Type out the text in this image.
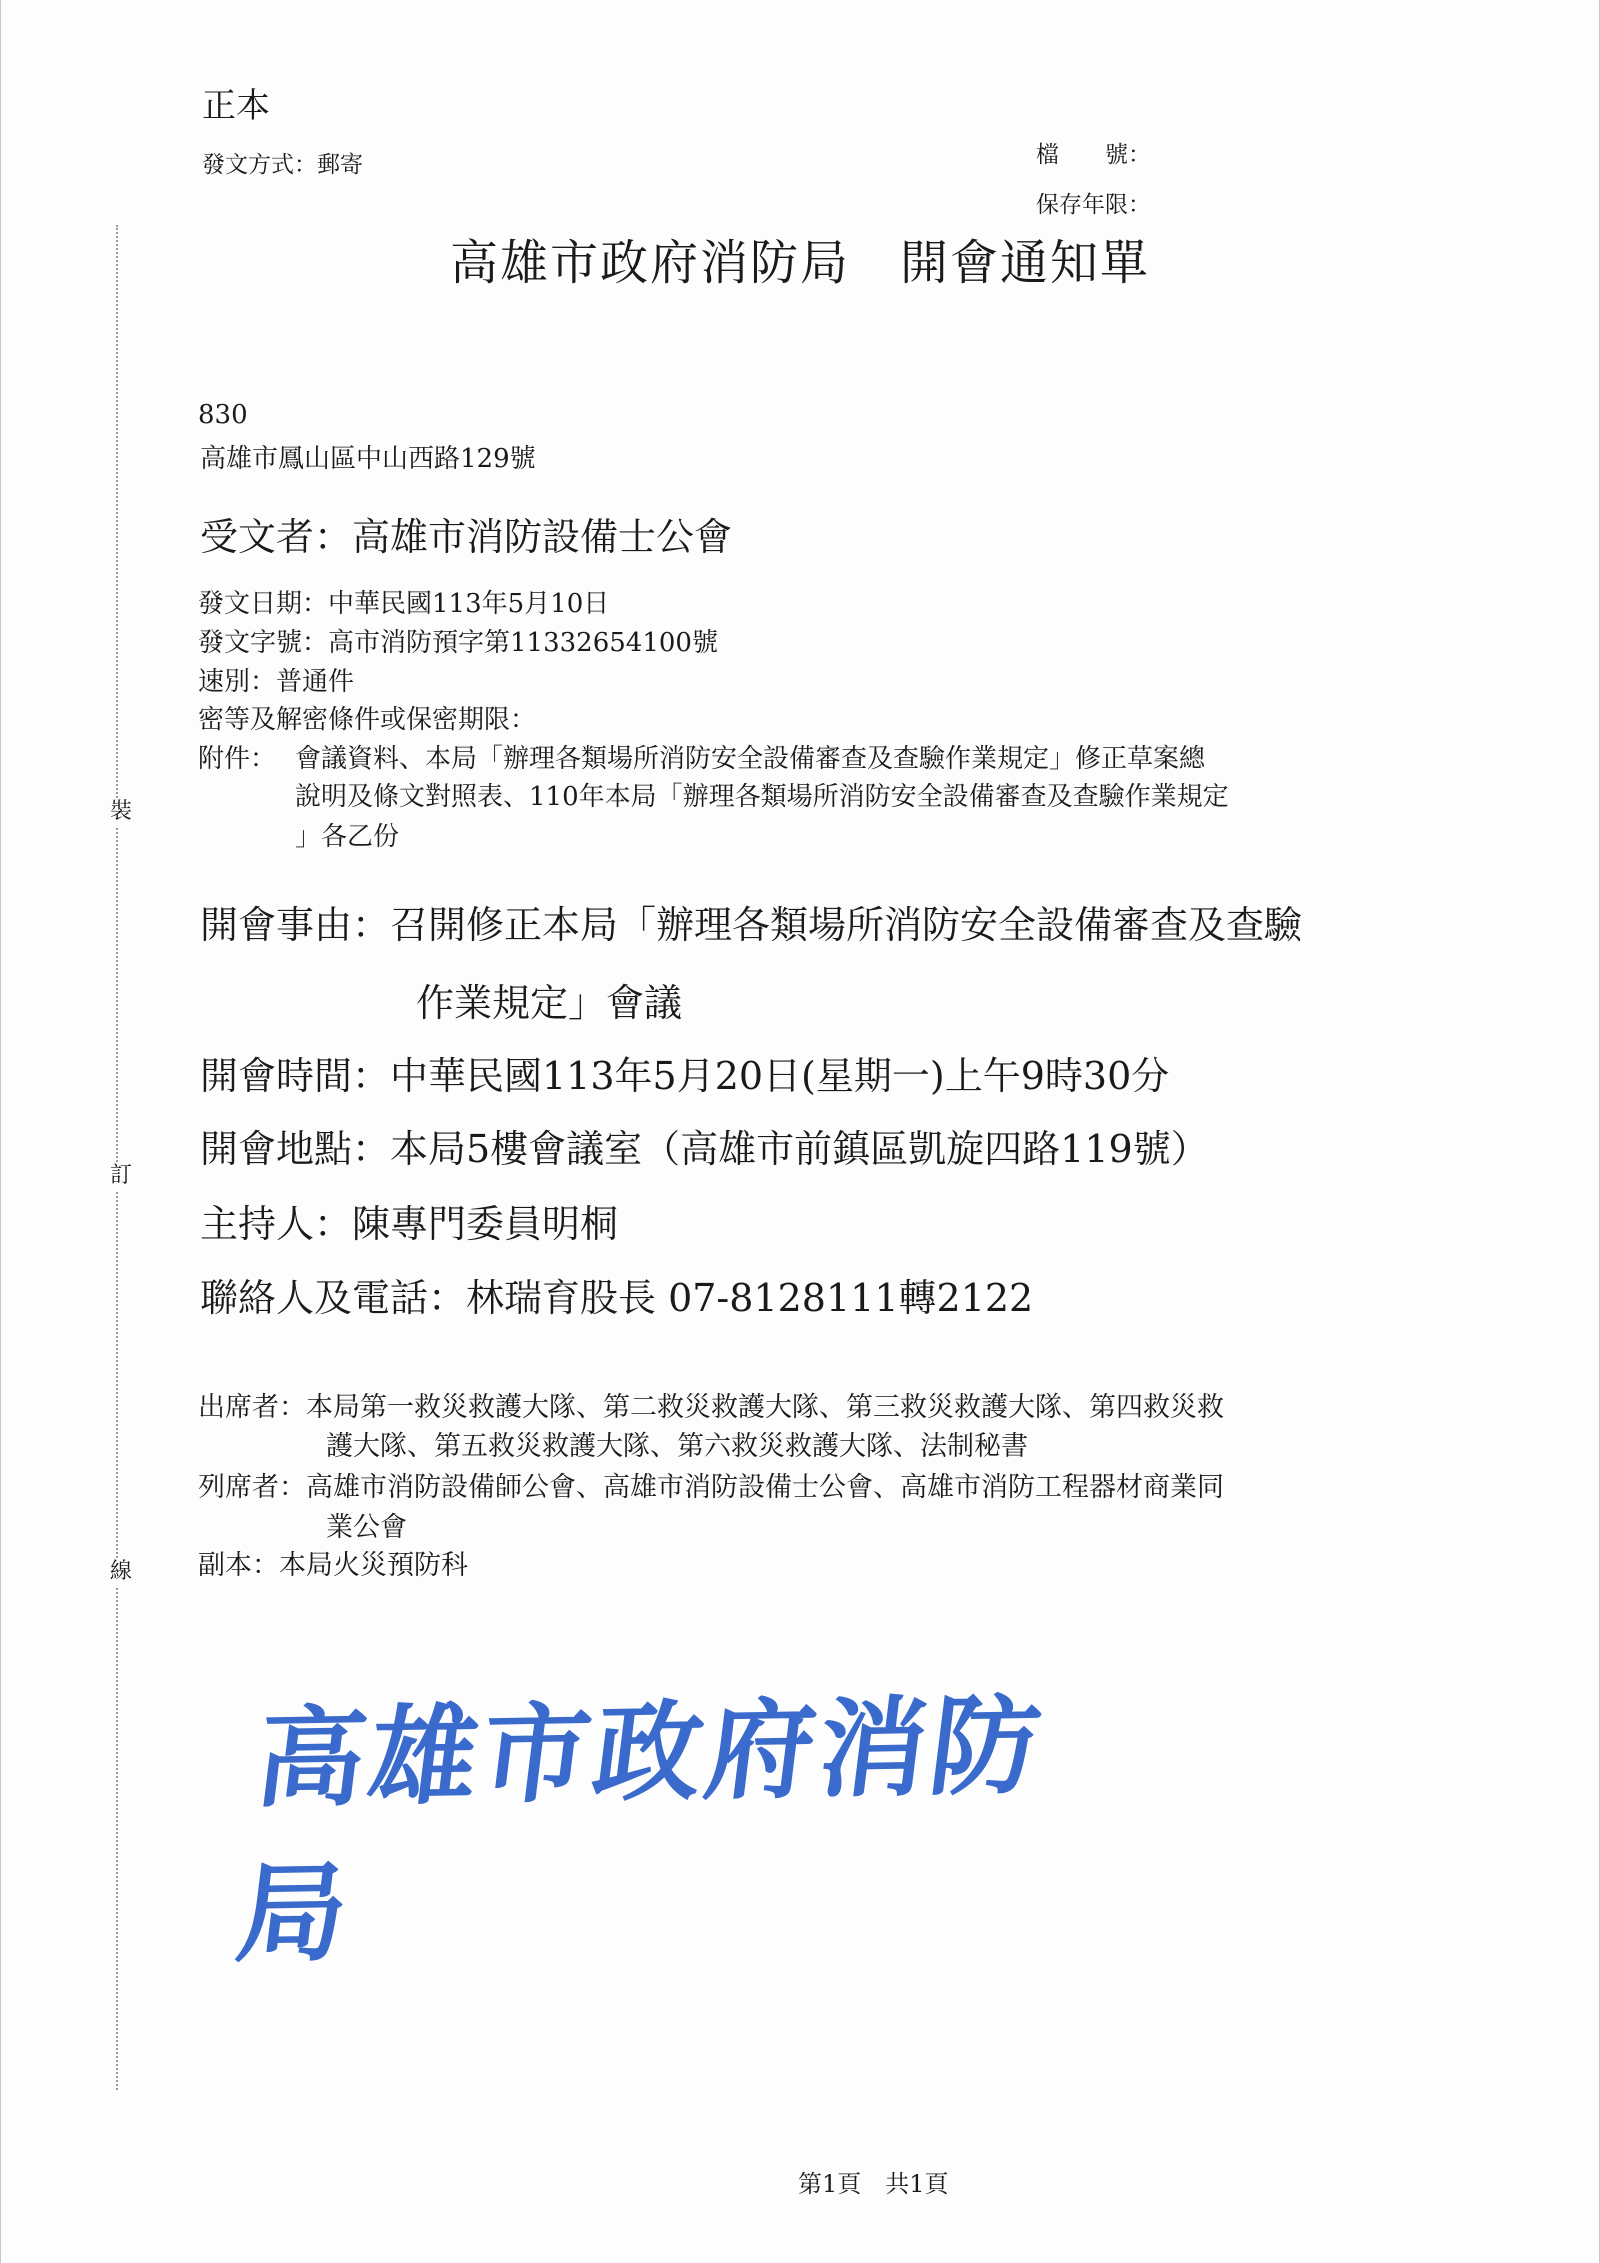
裝
訂
線
正本
發文方式：郵寄	檔　　號：
保存年限：
高雄市政府消防局　開會通知單
830
高雄市鳳山區中山西路129號
受文者：高雄市消防設備士公會
發文日期：中華民國113年5月10日
發文字號：高市消防預字第11332654100號
速別：普通件
密等及解密條件或保密期限：
附件： 會議資料、本局「辦理各類場所消防安全設備審查及查驗作業規定」修正草案總
說明及條文對照表、110年本局「辦理各類場所消防安全設備審查及查驗作業規定
」各乙份
開會事由：召開修正本局「辦理各類場所消防安全設備審查及查驗
作業規定」會議
開會時間：中華民國113年5月20日(星期一)上午9時30分
開會地點：本局5樓會議室（高雄市前鎮區凱旋四路119號）
主持人：陳專門委員明桐
聯絡人及電話：林瑞育股長 07-8128111轉2122
出席者：本局第一救災救護大隊、第二救災救護大隊、第三救災救護大隊、第四救災救
護大隊、第五救災救護大隊、第六救災救護大隊、法制秘書
列席者：高雄市消防設備師公會、高雄市消防設備士公會、高雄市消防工程器材商業同
業公會
副本：本局火災預防科
高雄市政府消防局
第1頁　共1頁
